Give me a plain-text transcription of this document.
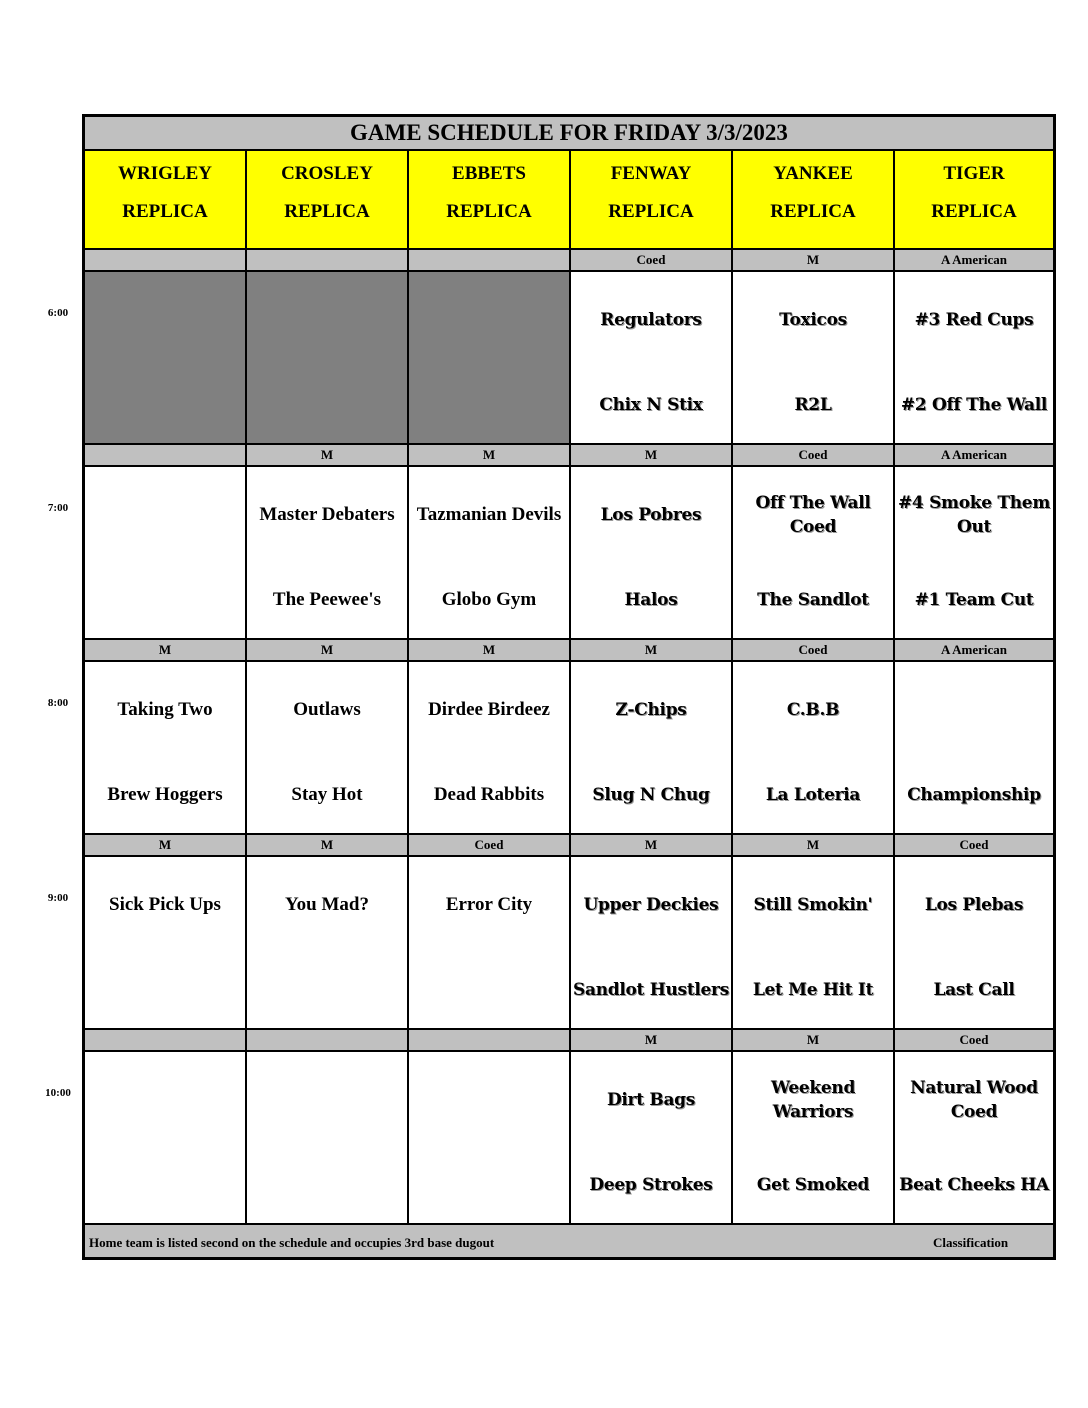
6:00
7:00
8:00
9:00
10:00
GAME SCHEDULE FOR FRIDAY 3/3/2023
WRIGLEY
REPLICA
CROSLEY
REPLICA
EBBETS
REPLICA
FENWAY
REPLICA
YANKEE
REPLICA
TIGER
REPLICA
Coed
Regulators
Chix N Stix
M
Toxicos
R2L
A American
#3 Red Cups
#2 Off The Wall
M
Master Debaters
The Peewee's
M
Tazmanian Devils
Globo Gym
M
Los Pobres
Halos
Coed
Off The Wall Coed
The Sandlot
A American
#4 Smoke Them Out
#1 Team Cut
M
Taking Two
Brew Hoggers
M
Outlaws
Stay Hot
M
Dirdee Birdeez
Dead Rabbits
M
Z-Chips
Slug N Chug
Coed
C.B.B
La Loteria
A American
Championship
M
Sick Pick Ups
M
You Mad?
Coed
Error City
M
Upper Deckies
Sandlot Hustlers
M
Still Smokin'
Let Me Hit It
Coed
Los Plebas
Last Call
M
Dirt Bags
Deep Strokes
M
Weekend Warriors
Get Smoked
Coed
Natural Wood Coed
Beat Cheeks HA
Home team is listed second on the schedule and occupies 3rd base dugout	Classification
